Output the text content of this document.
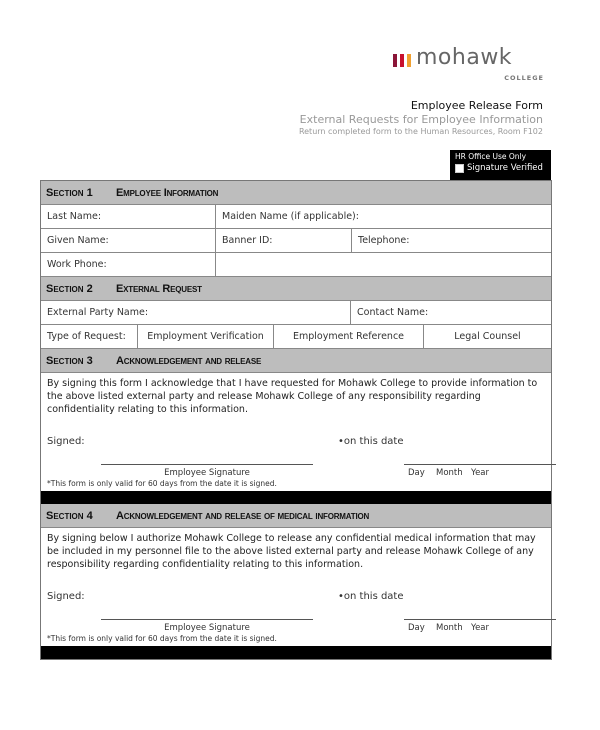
mohawk
COLLEGE
Employee Release Form
External Requests for Employee Information
Return completed form to the Human Resources, Room F102
HR Office Use Only
Signature Verified
Section 1	Employee Information
Last Name:	Maiden Name (if applicable):
Given Name:	Banner ID:	Telephone:
Work Phone:
Section 2	External Request
External Party Name:	Contact Name:
Type of Request:	Employment Verification	Employment Reference	Legal Counsel
Section 3	Acknowledgement and release

By signing this form I acknowledge that I have requested for Mohawk College to provide information to the above listed external party and release Mohawk College of any responsibility regarding confidentiality relating to this information.

Signed:	•on this date
Employee Signature	Day Month Year
*This form is only valid for 60 days from the date it is signed.
Section 4	Acknowledgement and release of medical information

By signing below I authorize Mohawk College to release any confidential medical information that may be included in my personnel file to the above listed external party and release Mohawk College of any responsibility regarding confidentiality relating to this information.

Signed:	•on this date
Employee Signature	Day Month Year
*This form is only valid for 60 days from the date it is signed.
